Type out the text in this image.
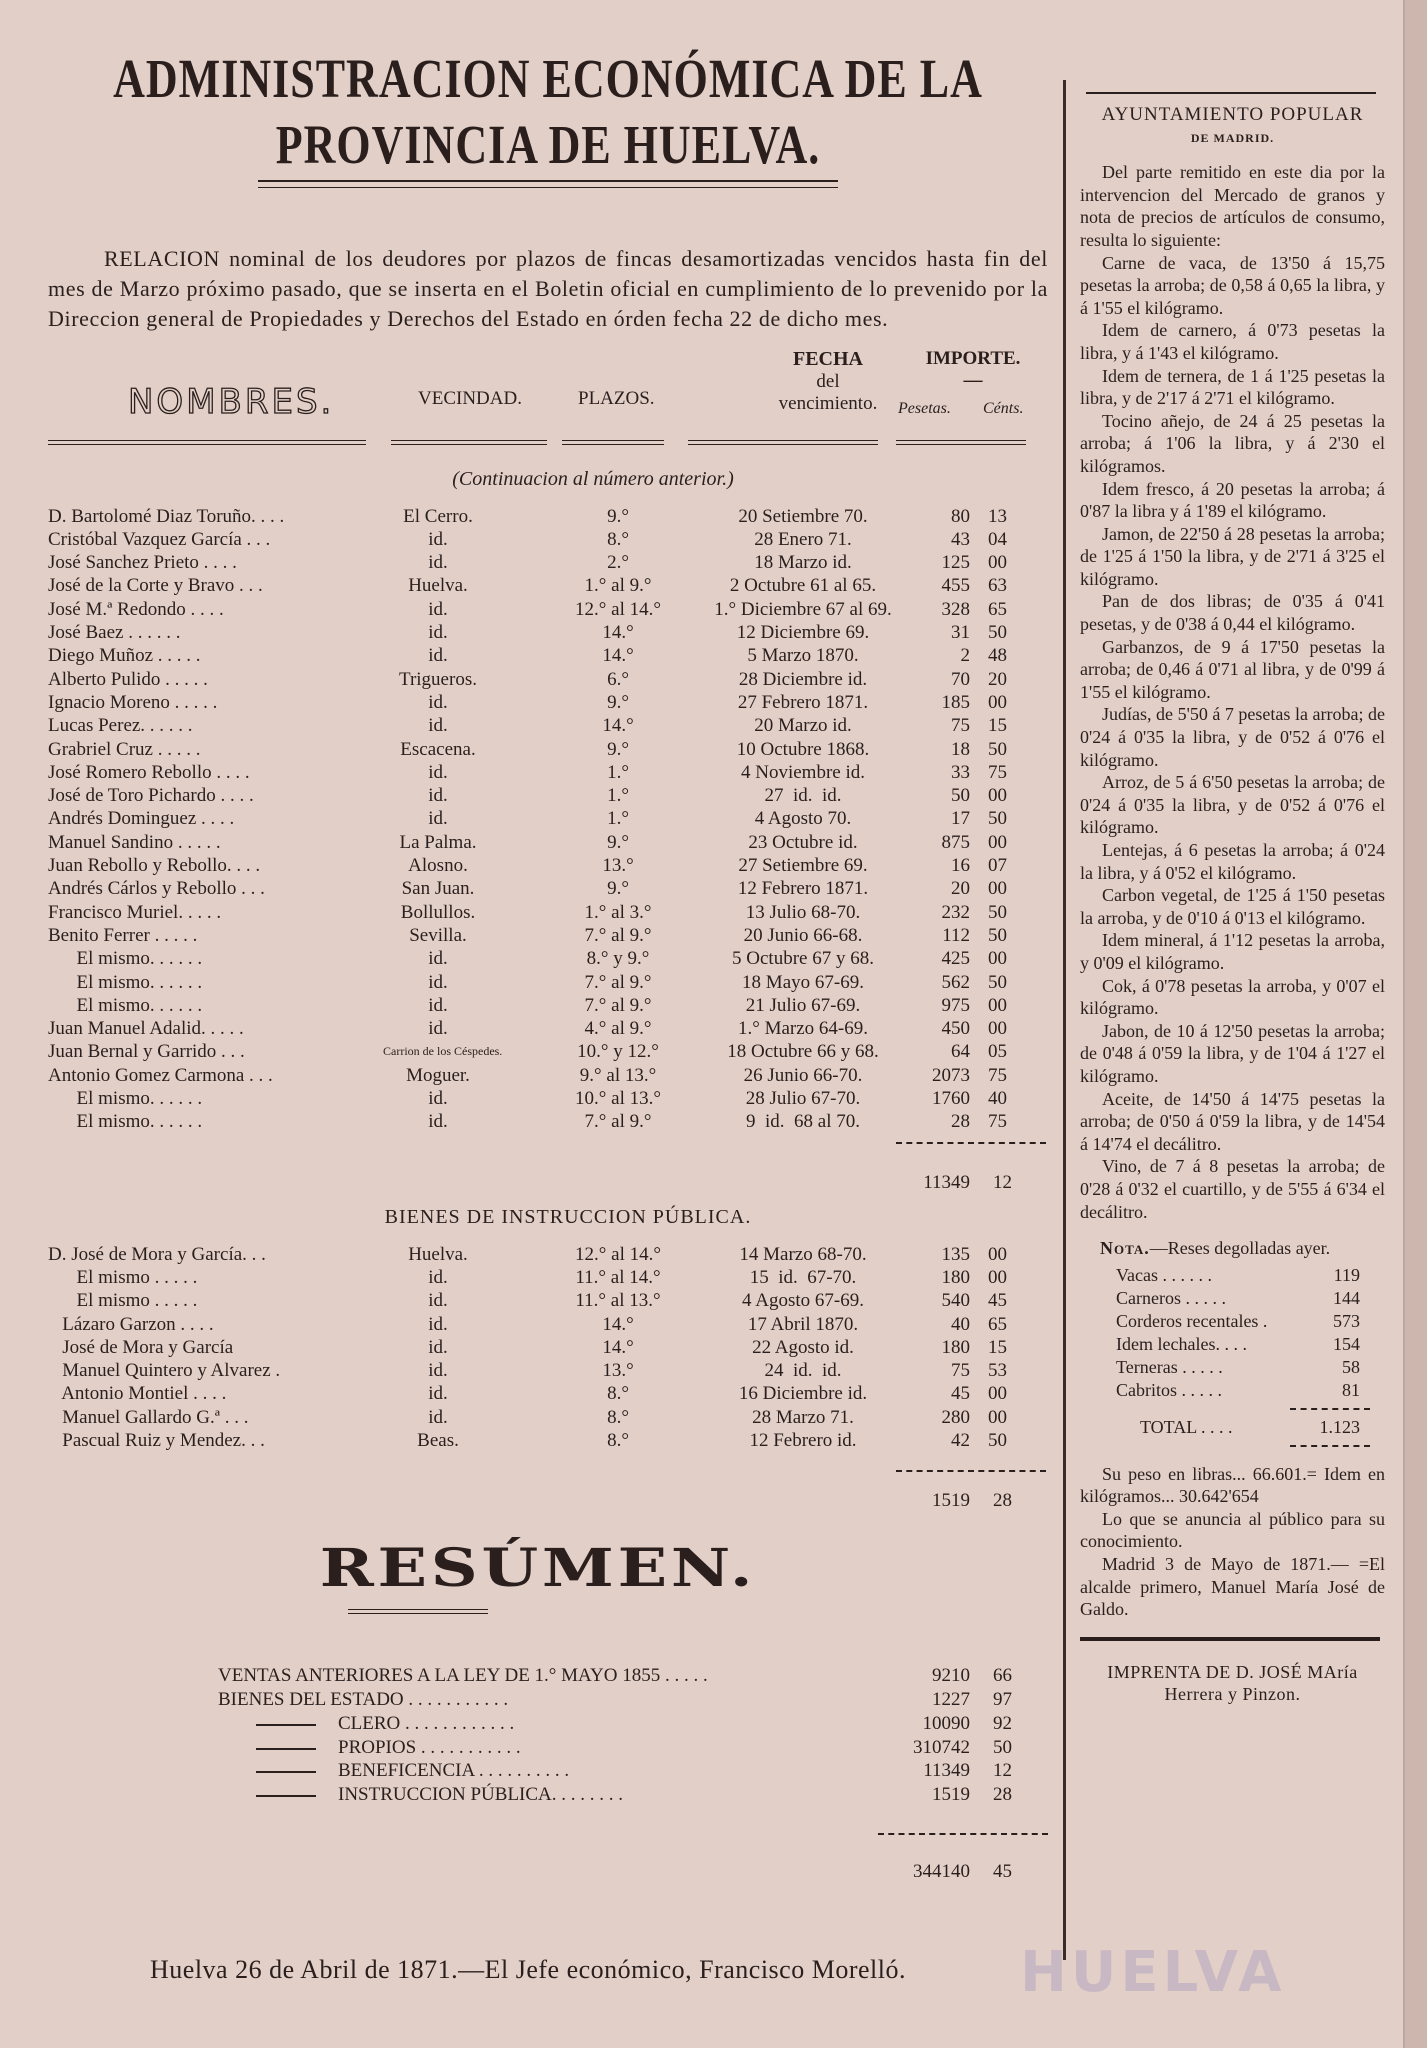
ADMINISTRACION ECONÓMICA DE LA PROVINCIA DE HUELVA.

RELACION nominal de los deudores por plazos de fincas desamortizadas vencidos hasta fin del mes de Marzo próximo pasado, que se inserta en el Boletin oficial en cumplimiento de lo prevenido por la Direccion general de Propiedades y Derechos del Estado en órden fecha 22 de dicho mes.

NOMBRES.	VECINDAD.	PLAZOS.
FECHA
del
vencimiento.
IMPORTE.
—
Pesetas. Cénts.
(Continuacion al número anterior.)
D. Bartolomé Diaz Toruño. . . .	El Cerro.	9.°	20 Setiembre 70.	80 13
Cristóbal Vazquez García . . .	id.	8.°	28 Enero 71.	43 04
José Sanchez Prieto . . . .	id.	2.°	18 Marzo id.	125 00
José de la Corte y Bravo . . .	Huelva.	1.° al 9.°	2 Octubre 61 al 65.	455 63
José M.ª Redondo . . . .	id.	12.° al 14.°	1.° Diciembre 67 al 69.	328 65
José Baez . . . . . .	id.	14.°	12 Diciembre 69.	31 50
Diego Muñoz . . . . .	id.	14.°	5 Marzo 1870.	2 48
Alberto Pulido . . . . .	Trigueros.	6.°	28 Diciembre id.	70 20
Ignacio Moreno . . . . .	id.	9.°	27 Febrero 1871.	185 00
Lucas Perez. . . . . .	id.	14.°	20 Marzo id.	75 15
Grabriel Cruz . . . . .	Escacena.	9.°	10 Octubre 1868.	18 50
José Romero Rebollo . . . .	id.	1.°	4 Noviembre id.	33 75
José de Toro Pichardo . . . .	id.	1.°	27  id.  id.	50 00
Andrés Dominguez . . . .	id.	1.°	4 Agosto 70.	17 50
Manuel Sandino . . . . .	La Palma.	9.°	23 Octubre id.	875 00
Juan Rebollo y Rebollo. . . .	Alosno.	13.°	27 Setiembre 69.	16 07
Andrés Cárlos y Rebollo . . .	San Juan.	9.°	12 Febrero 1871.	20 00
Francisco Muriel. . . . .	Bollullos.	1.° al 3.°	13 Julio 68-70.	232 50
Benito Ferrer . . . . .	Sevilla.	7.° al 9.°	20 Junio 66-68.	112 50
El mismo. . . . . .	id.	8.° y 9.°	5 Octubre 67 y 68.	425 00
El mismo. . . . . .	id.	7.° al 9.°	18 Mayo 67-69.	562 50
El mismo. . . . . .	id.	7.° al 9.°	21 Julio 67-69.	975 00
Juan Manuel Adalid. . . . .	id.	4.° al 9.°	1.° Marzo 64-69.	450 00
Juan Bernal y Garrido . . .	Carrion de los Céspedes.	10.° y 12.°	18 Octubre 66 y 68.	64 05
Antonio Gomez Carmona . . .	Moguer.	9.° al 13.°	26 Junio 66-70.	2073 75
El mismo. . . . . .	id.	10.° al 13.°	28 Julio 67-70.	1760 40
El mismo. . . . . .	id.	7.° al 9.°	9  id.  68 al 70.	28 75
11349 12
BIENES DE INSTRUCCION PÚBLICA.
D. José de Mora y García. . .	Huelva.	12.° al 14.°	14 Marzo 68-70.	135 00
El mismo . . . . .	id.	11.° al 14.°	15  id.  67-70.	180 00
El mismo . . . . .	id.	11.° al 13.°	4 Agosto 67-69.	540 45
Lázaro Garzon . . . .	id.	14.°	17 Abril 1870.	40 65
José de Mora y García	id.	14.°	22 Agosto id.	180 15
Manuel Quintero y Alvarez .	id.	13.°	24  id.  id.	75 53
Antonio Montiel . . . .	id.	8.°	16 Diciembre id.	45 00
Manuel Gallardo G.ª . . .	id.	8.°	28 Marzo 71.	280 00
Pascual Ruiz y Mendez. . .	Beas.	8.°	12 Febrero id.	42 50
1519 28
RESÚMEN.
VENTAS ANTERIORES A LA LEY DE 1.° MAYO 1855 . . . . .	9210 66
BIENES DEL ESTADO . . . . . . . . . . .	1227 97
CLERO . . . . . . . . . . . .	10090 92
PROPIOS . . . . . . . . . . .	310742 50
BENEFICENCIA . . . . . . . . . .	11349 12
INSTRUCCION PÚBLICA. . . . . . . .	1519 28
344140 45
Huelva 26 de Abril de 1871.—El Jefe económico, Francisco Morelló.
AYUNTAMIENTO POPULAR
DE MADRID.

Del parte remitido en este dia por la intervencion del Mercado de granos y nota de precios de artículos de consumo, resulta lo siguiente:

Carne de vaca, de 13'50 á 15,75 pesetas la arroba; de 0,58 á 0,65 la libra, y á 1'55 el kilógramo.

Idem de carnero, á 0'73 pesetas la libra, y á 1'43 el kilógramo.

Idem de ternera, de 1 á 1'25 pesetas la libra, y de 2'17 á 2'71 el kilógramo.

Tocino añejo, de 24 á 25 pesetas la arroba; á 1'06 la libra, y á 2'30 el kilógramos.

Idem fresco, á 20 pesetas la arroba; á 0'87 la libra y á 1'89 el kilógramo.

Jamon, de 22'50 á 28 pesetas la arroba; de 1'25 á 1'50 la libra, y de 2'71 á 3'25 el kilógramo.

Pan de dos libras; de 0'35 á 0'41 pesetas, y de 0'38 á 0,44 el kilógramo.

Garbanzos, de 9 á 17'50 pesetas la arroba; de 0,46 á 0'71 al libra, y de 0'99 á 1'55 el kilógramo.

Judías, de 5'50 á 7 pesetas la arroba; de 0'24 á 0'35 la libra, y de 0'52 á 0'76 el kilógramo.

Arroz, de 5 á 6'50 pesetas la arroba; de 0'24 á 0'35 la libra, y de 0'52 á 0'76 el kilógramo.

Lentejas, á 6 pesetas la arroba; á 0'24 la libra, y á 0'52 el kilógramo.

Carbon vegetal, de 1'25 á 1'50 pesetas la arroba, y de 0'10 á 0'13 el kilógramo.

Idem mineral, á 1'12 pesetas la arroba, y 0'09 el kilógramo.

Cok, á 0'78 pesetas la arroba, y 0'07 el kilógramo.

Jabon, de 10 á 12'50 pesetas la arroba; de 0'48 á 0'59 la libra, y de 1'04 á 1'27 el kilógramo.

Aceite, de 14'50 á 14'75 pesetas la arroba; de 0'50 á 0'59 la libra, y de 14'54 á 14'74 el decálitro.

Vino, de 7 á 8 pesetas la arroba; de 0'28 á 0'32 el cuartillo, y de 5'55 á 6'34 el decálitro.

Nota.—Reses degolladas ayer.
Vacas . . . . . .	119
Carneros . . . . .	144
Corderos recentales .	573
Idem lechales. . . .	154
Terneras . . . . .	58
Cabritos . . . . .	81
TOTAL . . . .	1.123

Su peso en libras... 66.601.= Idem en kilógramos... 30.642'654

Lo que se anuncia al público para su conocimiento.

Madrid 3 de Mayo de 1871.— =El alcalde primero, Manuel María José de Galdo.

IMPRENTA DE D. JOSÉ MAría Herrera y Pinzon.
HUELVA
